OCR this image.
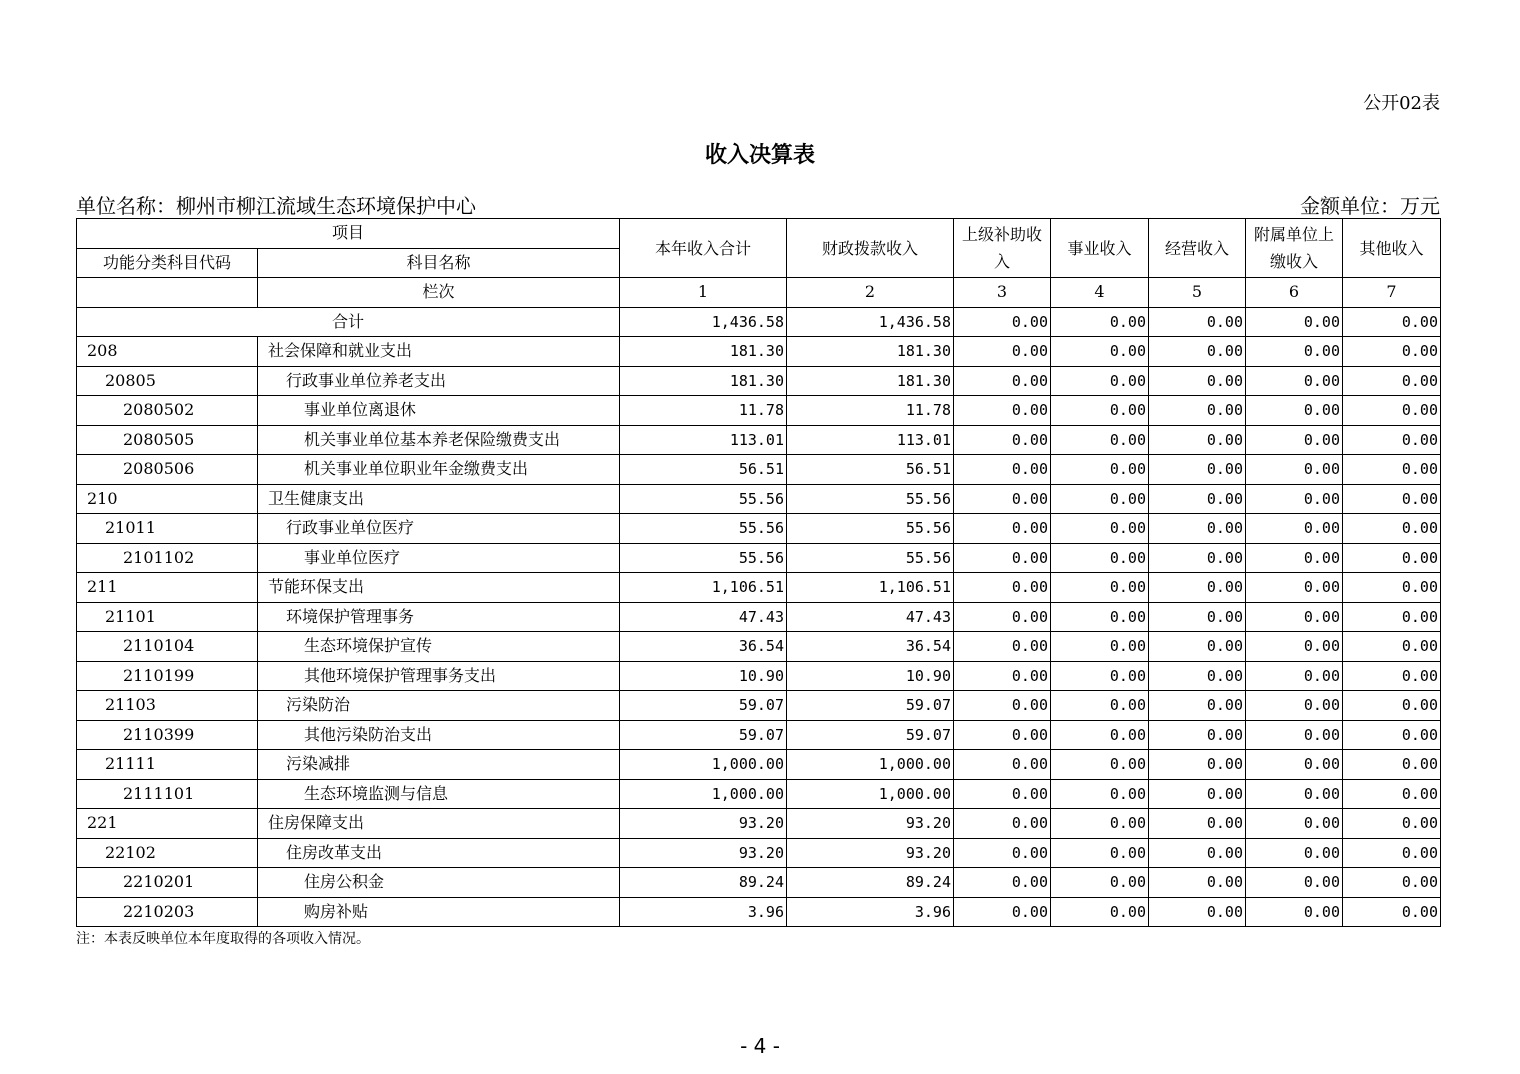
公开02表
收入决算表
单位名称：柳州市柳江流域生态环境保护中心	金额单位：万元
项目		本年收入合计	财政拨款收入	上级补助收入	事业收入	经营收入	附属单位上缴收入	其他收入
功能分类科目代码	科目名称							
	栏次	1	2	3	4	5	6	7
合计		1,436.58	1,436.58	0.00	0.00	0.00	0.00	0.00
208	社会保障和就业支出	181.30	181.30	0.00	0.00	0.00	0.00	0.00
20805	行政事业单位养老支出	181.30	181.30	0.00	0.00	0.00	0.00	0.00
2080502	事业单位离退休	11.78	11.78	0.00	0.00	0.00	0.00	0.00
2080505	机关事业单位基本养老保险缴费支出	113.01	113.01	0.00	0.00	0.00	0.00	0.00
2080506	机关事业单位职业年金缴费支出	56.51	56.51	0.00	0.00	0.00	0.00	0.00
210	卫生健康支出	55.56	55.56	0.00	0.00	0.00	0.00	0.00
21011	行政事业单位医疗	55.56	55.56	0.00	0.00	0.00	0.00	0.00
2101102	事业单位医疗	55.56	55.56	0.00	0.00	0.00	0.00	0.00
211	节能环保支出	1,106.51	1,106.51	0.00	0.00	0.00	0.00	0.00
21101	环境保护管理事务	47.43	47.43	0.00	0.00	0.00	0.00	0.00
2110104	生态环境保护宣传	36.54	36.54	0.00	0.00	0.00	0.00	0.00
2110199	其他环境保护管理事务支出	10.90	10.90	0.00	0.00	0.00	0.00	0.00
21103	污染防治	59.07	59.07	0.00	0.00	0.00	0.00	0.00
2110399	其他污染防治支出	59.07	59.07	0.00	0.00	0.00	0.00	0.00
21111	污染减排	1,000.00	1,000.00	0.00	0.00	0.00	0.00	0.00
2111101	生态环境监测与信息	1,000.00	1,000.00	0.00	0.00	0.00	0.00	0.00
221	住房保障支出	93.20	93.20	0.00	0.00	0.00	0.00	0.00
22102	住房改革支出	93.20	93.20	0.00	0.00	0.00	0.00	0.00
2210201	住房公积金	89.24	89.24	0.00	0.00	0.00	0.00	0.00
2210203	购房补贴	3.96	3.96	0.00	0.00	0.00	0.00	0.00
注：本表反映单位本年度取得的各项收入情况。
- 4 -
